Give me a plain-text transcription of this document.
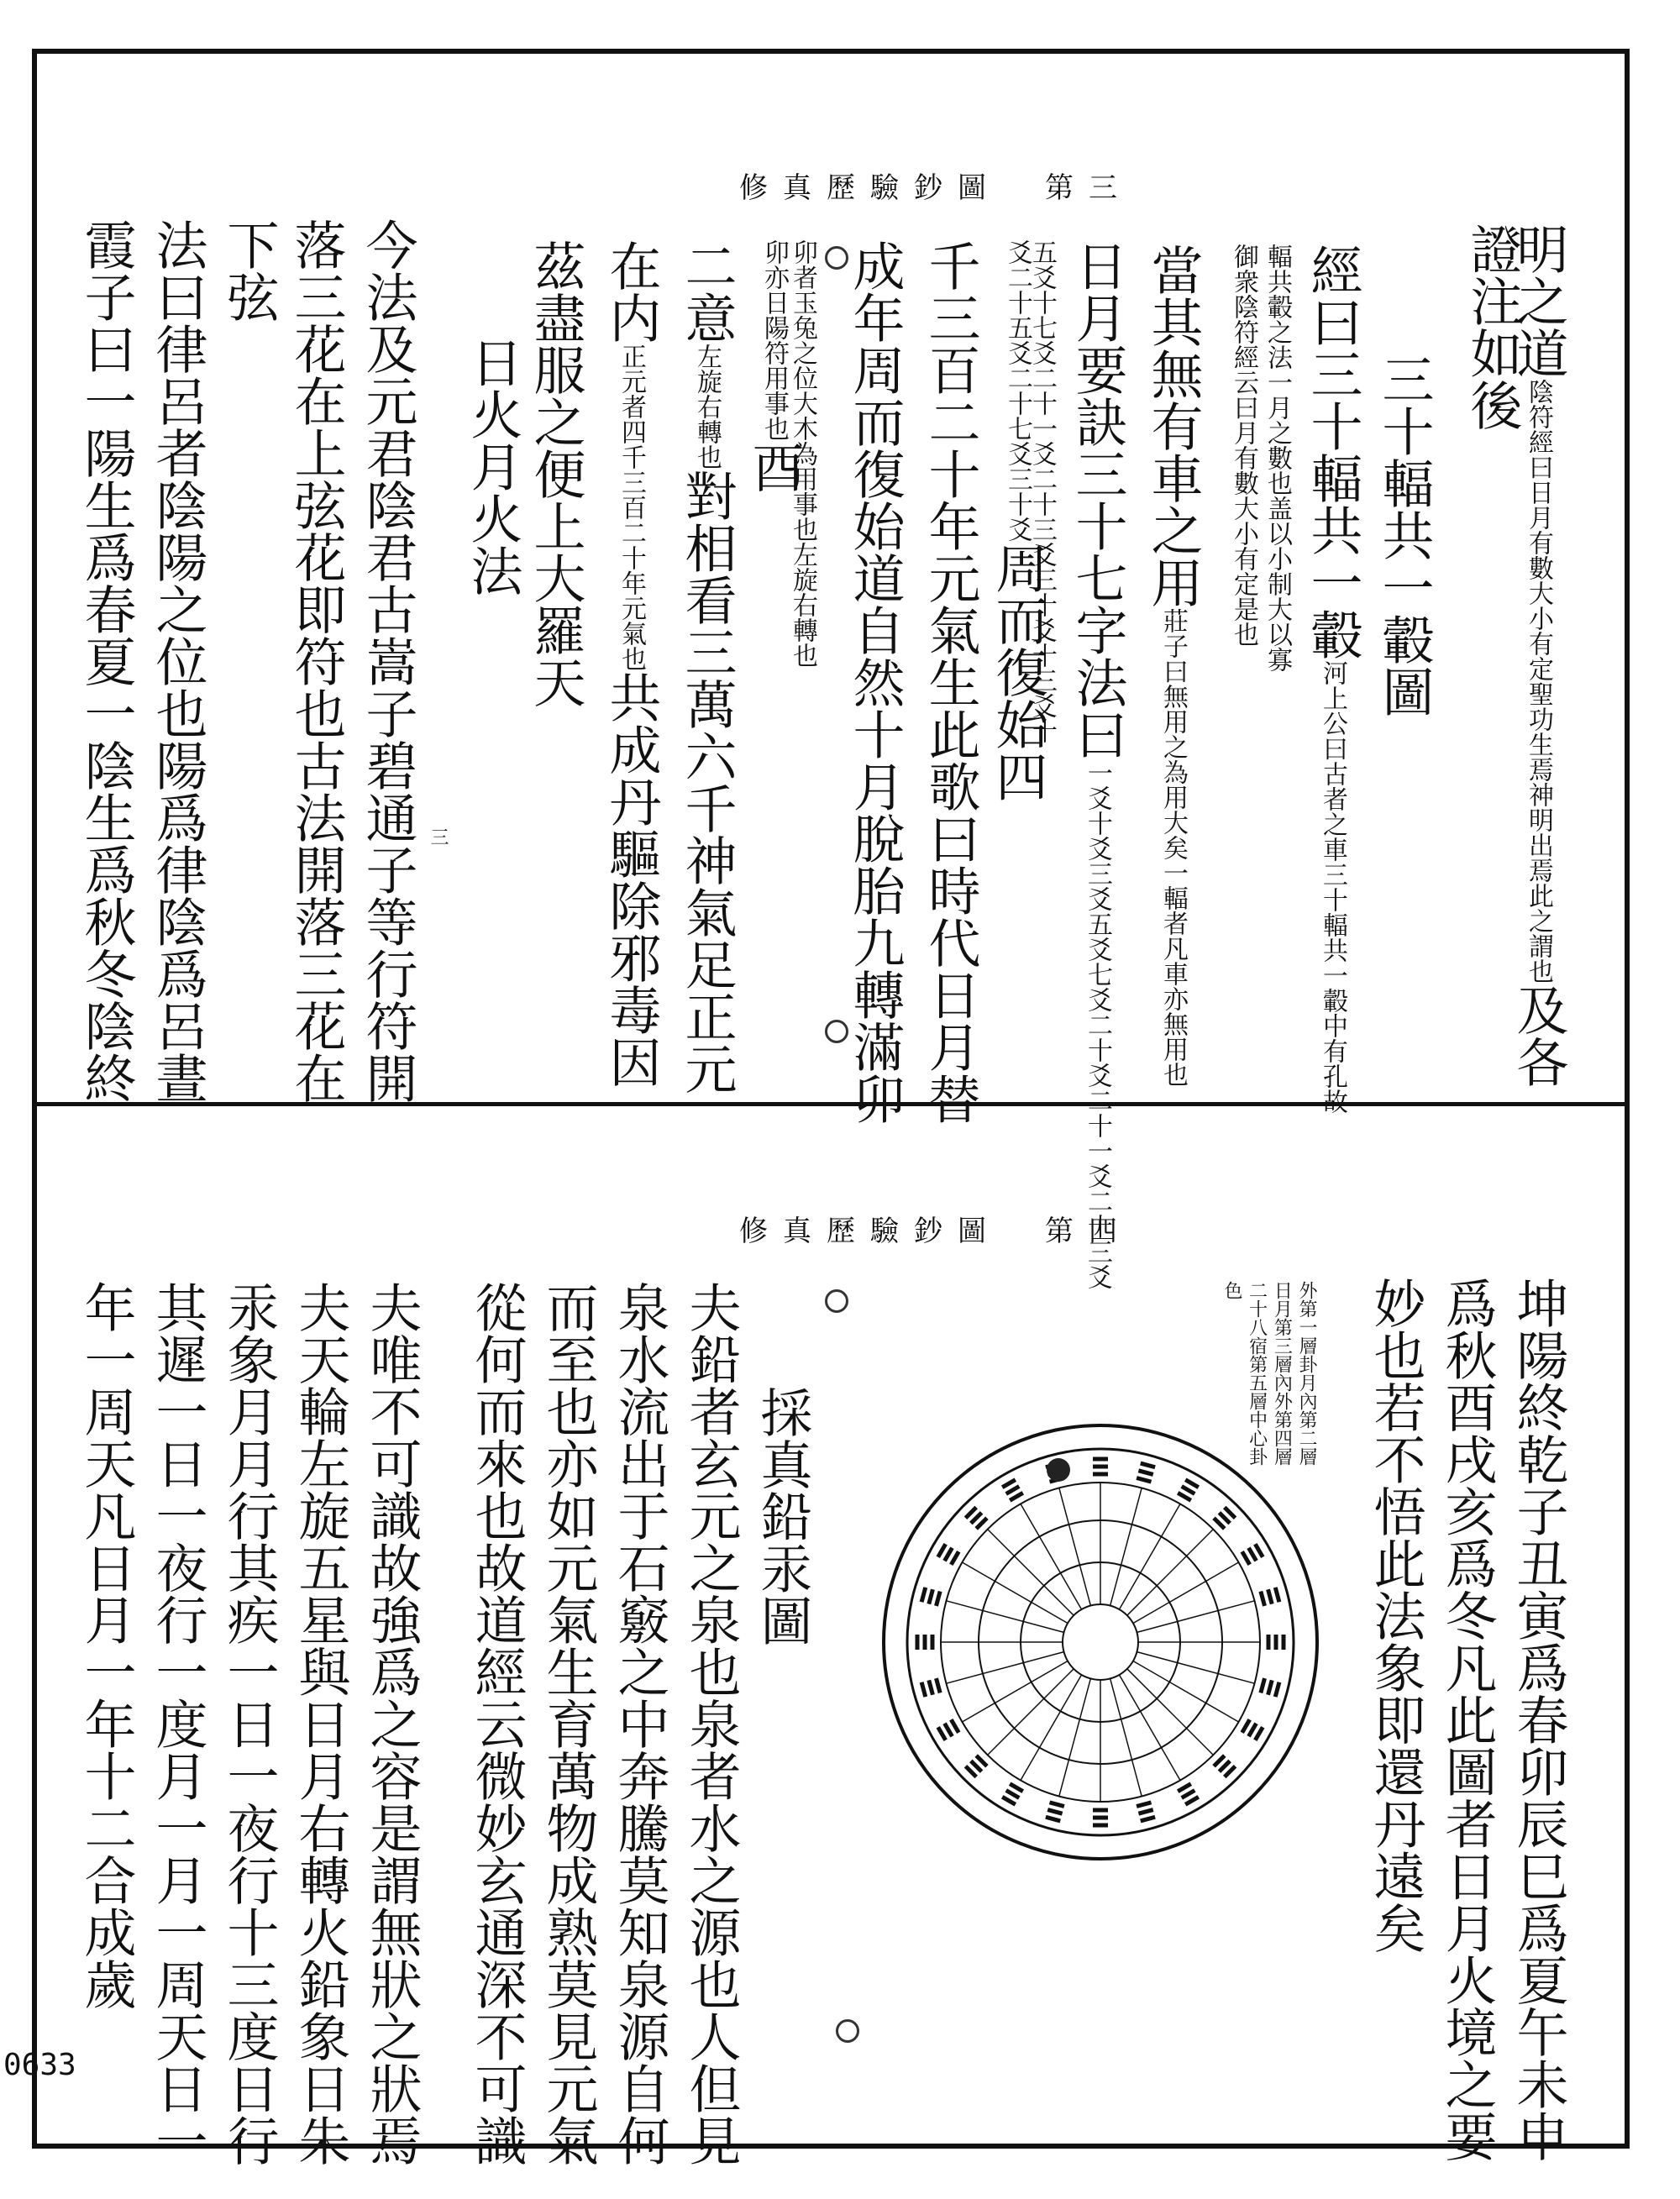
修真歷驗鈔圖　第三
明之道陰符經曰日月有數大小有定聖功生焉神明出焉此之謂也及各
證注如後
三十輻共一轂圖
經曰三十輻共一轂河上公曰古者之車三十輻共一轂中有孔故
輻共轂之法一月之數也盖以小制大以寡
御衆陰符經云曰月有數大小有定是也
當其無有車之用莊子曰無用之為用大矣一輻者凡車亦無用也
日月要訣三十七字法曰一爻十爻三爻五爻七爻二十爻二十一爻二十三爻
五爻十七爻二十一爻二十三爻三十爻十三爻十
爻二十五爻二十七爻三十爻周而復始四
千三百二十年元氣生此歌曰時代日月替
成年周而復始道自然十月脫胎九轉滿卯
卯者玉兔之位大木為用事也左旋右轉也
卯亦日陽符用事也酉
二意左旋右轉也對相看三萬六千神氣足正元
在内正元者四千三百二十年元氣也共成丹驅除邪毒因
茲盡服之便上大羅天
日火月火法
今法及元君陰君古嵩子碧通子等行符開 三
落三花在上弦花即符也古法開落三花在
下弦
法曰律呂者陰陽之位也陽爲律陰爲呂晝
霞子曰一陽生爲春夏一陰生爲秋冬陰終
修真歷驗鈔圖　第四
坤陽終乾子丑寅爲春卯辰巳爲夏午未申
爲秋酉戌亥爲冬凡此圖者日月火境之要
妙也若不悟此法象即還丹遠矣
外第一層卦月內第二層日月第三層內外第四層二十八宿第五層中心卦色
採真鉛汞圖
夫鉛者玄元之泉也泉者水之源也人但見
泉水流出于石竅之中奔騰莫知泉源自何
而至也亦如元氣生育萬物成熟莫見元氣
從何而來也故道經云微妙玄通深不可識
夫唯不可識故強爲之容是謂無狀之狀焉
夫天輪左旋五星與日月右轉火鉛象日朱
汞象月月行其疾一日一夜行十三度日行
其遲一日一夜行一度月一月一周天日一
年一周天凡日月一年十二合成歲
0633
